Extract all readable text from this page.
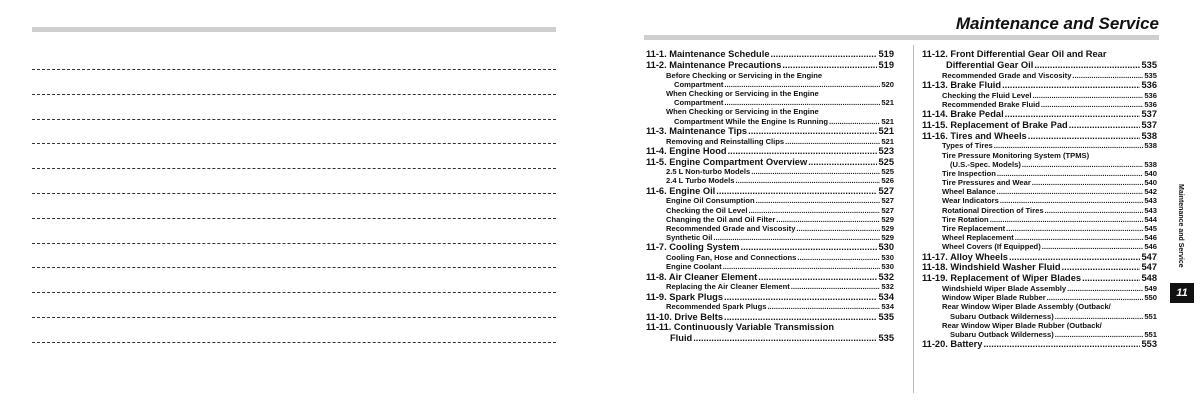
Maintenance and Service
11-1. Maintenance Schedule .....	519
11-2. Maintenance Precautions .....	519
Before Checking or Servicing in the Engine
Compartment .....	520
When Checking or Servicing in the Engine
Compartment .....	521
When Checking or Servicing in the Engine
Compartment While the Engine Is Running .....	521
11-3. Maintenance Tips .....	521
Removing and Reinstalling Clips .....	521
11-4. Engine Hood .....	523
11-5. Engine Compartment Overview .....	525
2.5 L Non-turbo Models .....	525
2.4 L Turbo Models .....	526
11-6. Engine Oil .....	527
Engine Oil Consumption .....	527
Checking the Oil Level .....	527
Changing the Oil and Oil Filter .....	529
Recommended Grade and Viscosity .....	529
Synthetic Oil .....	529
11-7. Cooling System .....	530
Cooling Fan, Hose and Connections .....	530
Engine Coolant .....	530
11-8. Air Cleaner Element .....	532
Replacing the Air Cleaner Element .....	532
11-9. Spark Plugs .....	534
Recommended Spark Plugs .....	534
11-10. Drive Belts .....	535
11-11. Continuously Variable Transmission
Fluid .....	535
11-12. Front Differential Gear Oil and Rear
Differential Gear Oil .....	535
Recommended Grade and Viscosity .....	535
11-13. Brake Fluid .....	536
Checking the Fluid Level .....	536
Recommended Brake Fluid .....	536
11-14. Brake Pedal .....	537
11-15. Replacement of Brake Pad .....	537
11-16. Tires and Wheels .....	538
Types of Tires .....	538
Tire Pressure Monitoring System (TPMS)
(U.S.-Spec. Models) .....	538
Tire Inspection .....	540
Tire Pressures and Wear .....	540
Wheel Balance .....	542
Wear Indicators .....	543
Rotational Direction of Tires .....	543
Tire Rotation .....	544
Tire Replacement .....	545
Wheel Replacement .....	546
Wheel Covers (If Equipped) .....	546
11-17. Alloy Wheels .....	547
11-18. Windshield Washer Fluid .....	547
11-19. Replacement of Wiper Blades .....	548
Windshield Wiper Blade Assembly .....	549
Window Wiper Blade Rubber .....	550
Rear Window Wiper Blade Assembly (Outback/
Subaru Outback Wilderness) .....	551
Rear Window Wiper Blade Rubber (Outback/
Subaru Outback Wilderness) .....	551
11-20. Battery .....	553
Maintenance and Service
11
